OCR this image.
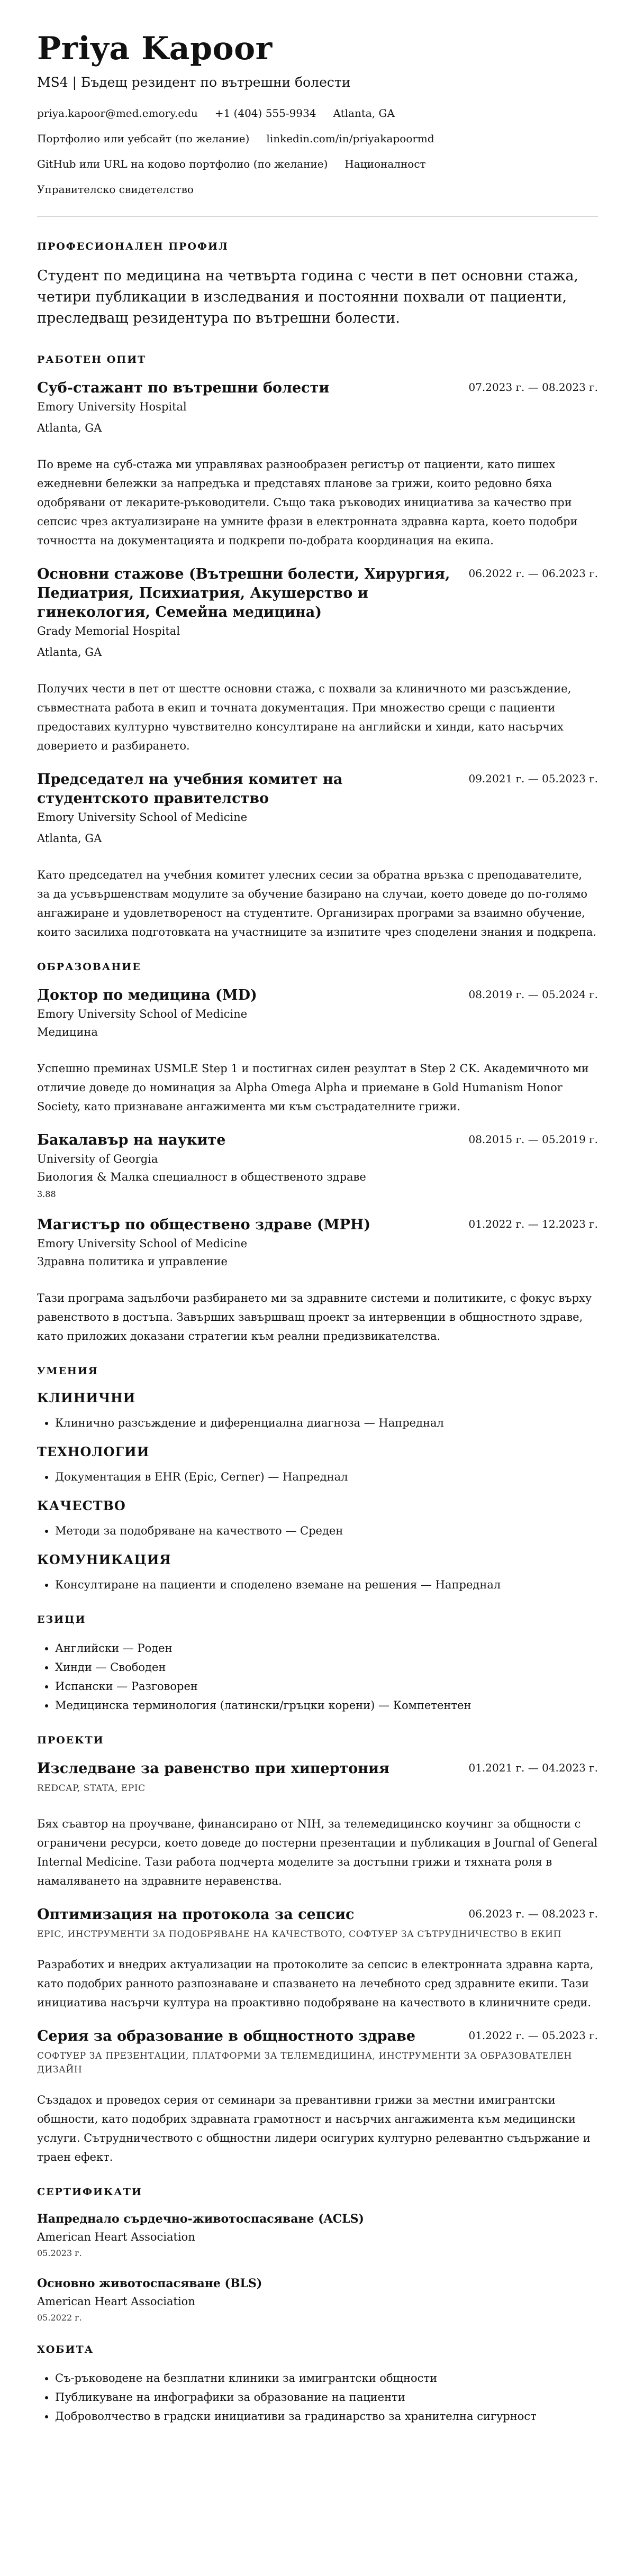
Priya Kapoor
MS4 | Бъдещ резидент по вътрешни болести
priya.kapoor@med.emory.edu +1 (404) 555-9934 Atlanta, GA
Портфолио или уебсайт (по желание) linkedin.com/in/priyakapoormd
GitHub или URL на кодово портфолио (по желание) Националност
Управителско свидетелство
ПРОФЕСИОНАЛЕН ПРОФИЛ
Студент по медицина на четвърта година с чести в пет основни стажа, четири публикации в изследвания и постоянни похвали от пациенти, преследващ резидентура по вътрешни болести.
РАБОТЕН ОПИТ
Суб-стажант по вътрешни болести	07.2023 г. — 08.2023 г.
Emory University Hospital
Atlanta, GA
По време на суб-стажа ми управлявах разнообразен регистър от пациенти, като пишех ежедневни бележки за напредъка и представях планове за грижи, които редовно бяха одобрявани от лекарите-ръководители. Също така ръководих инициатива за качество при сепсис чрез актуализиране на умните фрази в електронната здравна карта, което подобри точността на документацията и подкрепи по-добрата координация на екипа.
Основни стажове (Вътрешни болести, Хирургия, Педиатрия, Психиатрия, Акушерство и гинекология, Семейна медицина)
06.2022 г. — 06.2023 г.
Grady Memorial Hospital
Atlanta, GA
Получих чести в пет от шестте основни стажа, с похвали за клиничното ми разсъждение, съвместната работа в екип и точната документация. При множество срещи с пациенти предоставих културно чувствително консултиране на английски и хинди, като насърчих доверието и разбирането.
Председател на учебния комитет на студентското правителство
09.2021 г. — 05.2023 г.
Emory University School of Medicine
Atlanta, GA
Като председател на учебния комитет улесних сесии за обратна връзка с преподавателите, за да усъвършенствам модулите за обучение базирано на случаи, което доведе до по-голямо ангажиране и удовлетвореност на студентите. Организирах програми за взаимно обучение, които засилиха подготовката на участниците за изпитите чрез споделени знания и подкрепа.
ОБРАЗОВАНИЕ
Доктор по медицина (MD)	08.2019 г. — 05.2024 г.
Emory University School of Medicine
Медицина
Успешно преминах USMLE Step 1 и постигнах силен резултат в Step 2 CK. Академичното ми отличие доведе до номинация за Alpha Omega Alpha и приемане в Gold Humanism Honor Society, като признаване ангажимента ми към състрадателните грижи.
Бакалавър на науките	08.2015 г. — 05.2019 г.
University of Georgia
Биология & Малка специалност в общественото здраве
3.88
Магистър по обществено здраве (MPH)	01.2022 г. — 12.2023 г.
Emory University School of Medicine
Здравна политика и управление
Тази програма задълбочи разбирането ми за здравните системи и политиките, с фокус върху равенството в достъпа. Завърших завършващ проект за интервенции в общностното здраве, като приложих доказани стратегии към реални предизвикателства.
УМЕНИЯ
КЛИНИЧНИ
• Клинично разсъждение и диференциална диагноза — Напреднал
ТЕХНОЛОГИИ
• Документация в EHR (Epic, Cerner) — Напреднал
КАЧЕСТВО
• Методи за подобряване на качеството — Среден
КОМУНИКАЦИЯ
• Консултиране на пациенти и споделено вземане на решения — Напреднал
ЕЗИЦИ
• Английски — Роден
• Хинди — Свободен
• Испански — Разговорен
• Медицинска терминология (латински/гръцки корени) — Компетентен
ПРОЕКТИ
Изследване за равенство при хипертония	01.2021 г. — 04.2023 г.
REDCAP, STATA, EPIC
Бях съавтор на проучване, финансирано от NIH, за телемедицинско коучинг за общности с ограничени ресурси, което доведе до постерни презентации и публикация в Journal of General Internal Medicine. Тази работа подчерта моделите за достъпни грижи и тяхната роля в намаляването на здравните неравенства.
Оптимизация на протокола за сепсис	06.2023 г. — 08.2023 г.
EPIC, ИНСТРУМЕНТИ ЗА ПОДОБРЯВАНЕ НА КАЧЕСТВОТО, СОФТУЕР ЗА СЪТРУДНИЧЕСТВО В ЕКИП
Разработих и внедрих актуализации на протоколите за сепсис в електронната здравна карта, като подобрих ранното разпознаване и спазването на лечебното сред здравните екипи. Тази инициатива насърчи култура на проактивно подобряване на качеството в клиничните среди.
Серия за образование в общностното здраве	01.2022 г. — 05.2023 г.
СОФТУЕР ЗА ПРЕЗЕНТАЦИИ, ПЛАТФОРМИ ЗА ТЕЛЕМЕДИЦИНА, ИНСТРУМЕНТИ ЗА ОБРАЗОВАТЕЛЕН ДИЗАЙН
Създадох и проведох серия от семинари за превантивни грижи за местни имигрантски общности, като подобрих здравната грамотност и насърчих ангажимента към медицински услуги. Сътрудничеството с общностни лидери осигурих културно релевантно съдържание и траен ефект.
СЕРТИФИКАТИ
Напреднало сърдечно-животоспасяване (ACLS)
American Heart Association
05.2023 г.
Основно животоспасяване (BLS)
American Heart Association
05.2022 г.
ХОБИТА
• Съ-ръководене на безплатни клиники за имигрантски общности
• Публикуване на инфографики за образование на пациенти
• Доброволчество в градски инициативи за градинарство за хранителна сигурност
